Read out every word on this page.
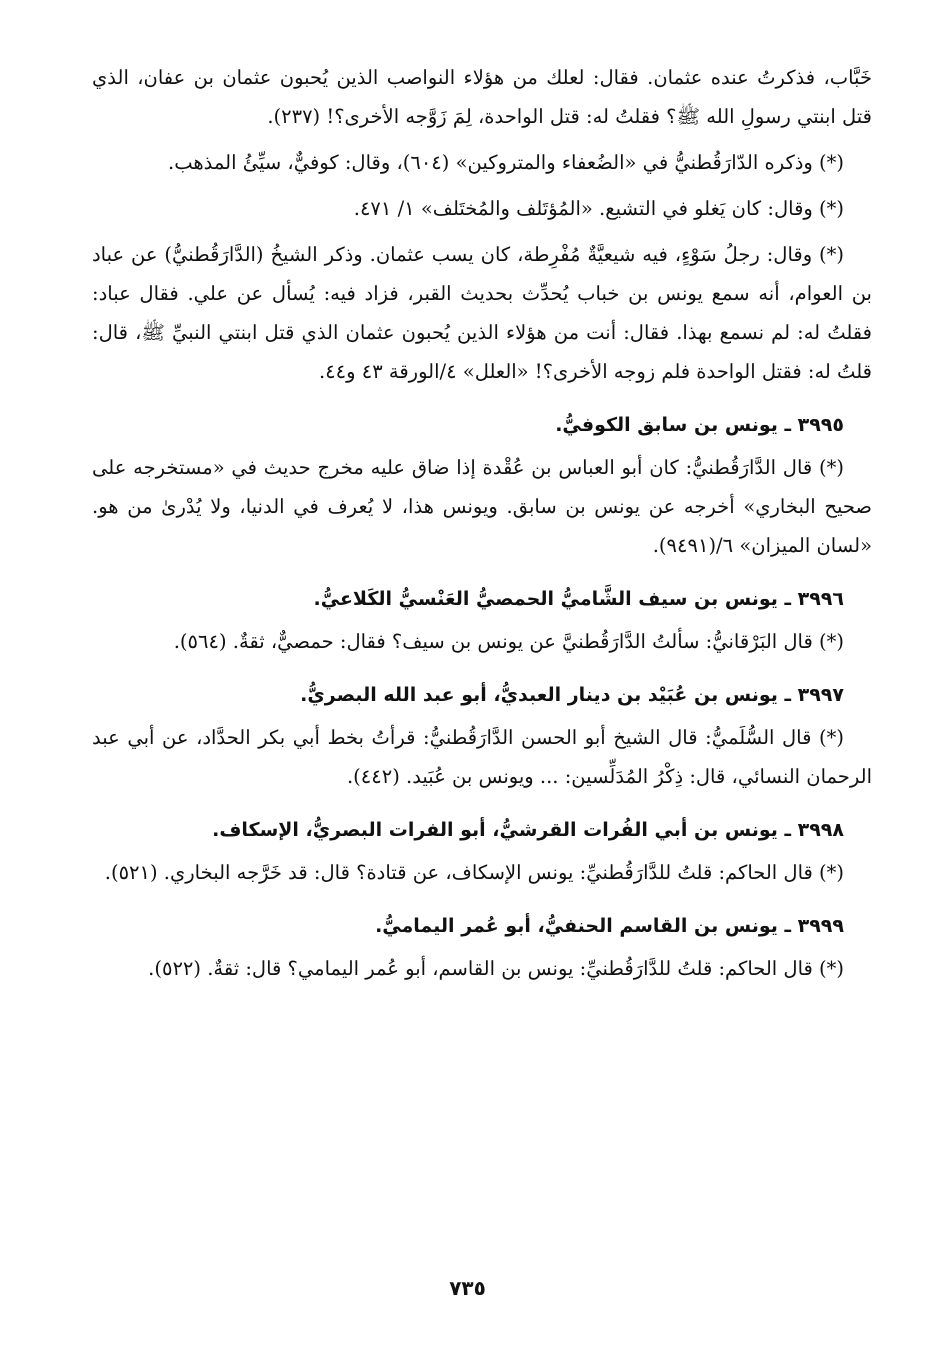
خَبَّاب، فذكرتُ عنده عثمان. فقال: لعلك من هؤلاء النواصب الذين يُحبون عثمان بن عفان، الذي قتل ابنتي رسولِ الله ﷺ؟ فقلتُ له: قتل الواحدة، لِمَ زَوَّجه الأخرى؟! (٢٣٧).

(*) وذكره الدّارَقُطنيُّ في «الضُعفاء والمتروكين» (٦٠٤)، وقال: كوفيٌّ، سيِّئُ المذهب.

(*) وقال: كان يَغلو في التشيع. «المُؤتَلف والمُختَلف» ١/ ٤٧١.

(*) وقال: رجلُ سَوْءٍ، فيه شيعيَّةٌ مُفْرِطة، كان يسب عثمان. وذكر الشيخُ (الدَّارَقُطنيُّ) عن عباد بن العوام، أنه سمع يونس بن خباب يُحدِّث بحديث القبر، فزاد فيه: يُسأل عن علي. فقال عباد: فقلتُ له: لم نسمع بهذا. فقال: أنت من هؤلاء الذين يُحبون عثمان الذي قتل ابنتي النبيِّ ﷺ، قال: قلتُ له: فقتل الواحدة فلم زوجه الأخرى؟! «العلل» ٤/الورقة ٤٣ و٤٤.

٣٩٩٥ ـ يونس بن سابق الكوفيُّ.

(*) قال الدَّارَقُطنيُّ: كان أبو العباس بن عُقْدة إذا ضاق عليه مخرج حديث في «مستخرجه على صحيح البخاري» أخرجه عن يونس بن سابق. ويونس هذا، لا يُعرف في الدنيا، ولا يُدْرىٰ من هو. «لسان الميزان» ٦/(٩٤٩١).

٣٩٩٦ ـ يونس بن سيف الشَّاميُّ الحمصيُّ العَنْسيُّ الكَلاعيُّ.

(*) قال البَرْقانيُّ: سألتُ الدَّارَقُطنيَّ عن يونس بن سيف؟ فقال: حمصيٌّ، ثقةٌ. (٥٦٤).

٣٩٩٧ ـ يونس بن عُبَيْد بن دينار العبديُّ، أبو عبد الله البصريُّ.

(*) قال السُّلَميُّ: قال الشيخ أبو الحسن الدَّارَقُطنيُّ: قرأتُ بخط أبي بكر الحدَّاد، عن أبي عبد الرحمان النسائي، قال: ذِكْرُ المُدَلِّسين: ... ويونس بن عُبَيد. (٤٤٢).

٣٩٩٨ ـ يونس بن أبي الفُرات القرشيُّ، أبو الفرات البصريُّ، الإسكاف.

(*) قال الحاكم: قلتُ للدَّارَقُطنيِّ: يونس الإسكاف، عن قتادة؟ قال: قد خَرَّجه البخاري. (٥٢١).

٣٩٩٩ ـ يونس بن القاسم الحنفيُّ، أبو عُمر اليماميُّ.

(*) قال الحاكم: قلتُ للدَّارَقُطنيِّ: يونس بن القاسم، أبو عُمر اليمامي؟ قال: ثقةٌ. (٥٢٢).

٧٣٥
